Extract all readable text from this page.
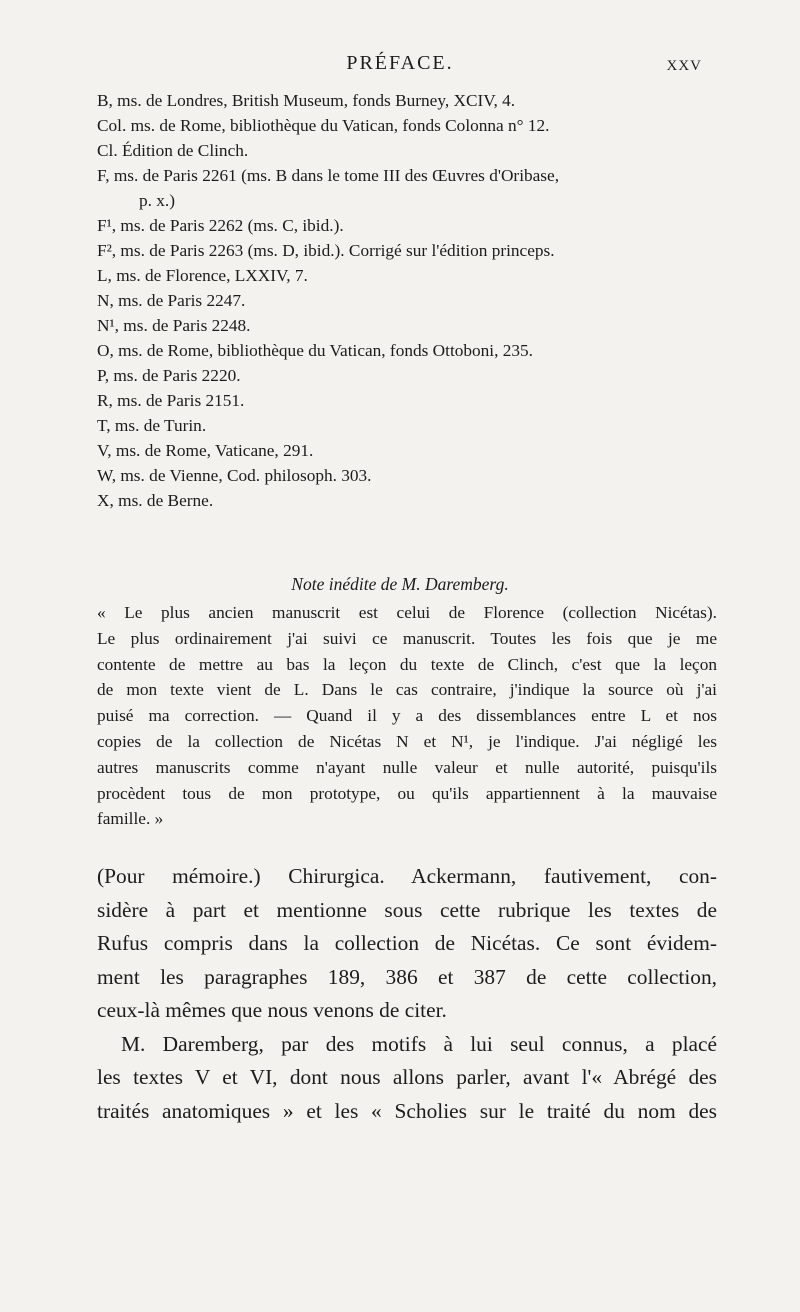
PRÉFACE.	XXV
B, ms. de Londres, British Museum, fonds Burney, XCIV, 4.
Col. ms. de Rome, bibliothèque du Vatican, fonds Colonna n° 12.
Cl. Édition de Clinch.
F, ms. de Paris 2261 (ms. B dans le tome III des Œuvres d'Oribase,
p. x.)
F¹, ms. de Paris 2262 (ms. C, ibid.).
F², ms. de Paris 2263 (ms. D, ibid.). Corrigé sur l'édition princeps.
L, ms. de Florence, LXXIV, 7.
N, ms. de Paris 2247.
N¹, ms. de Paris 2248.
O, ms. de Rome, bibliothèque du Vatican, fonds Ottoboni, 235.
P, ms. de Paris 2220.
R, ms. de Paris 2151.
T, ms. de Turin.
V, ms. de Rome, Vaticane, 291.
W, ms. de Vienne, Cod. philosoph. 303.
X, ms. de Berne.
Note inédite de M. Daremberg.
« Le plus ancien manuscrit est celui de Florence (collection Nicétas).
Le plus ordinairement j'ai suivi ce manuscrit. Toutes les fois que je me
contente de mettre au bas la leçon du texte de Clinch, c'est que la leçon
de mon texte vient de L. Dans le cas contraire, j'indique la source où j'ai
puisé ma correction. — Quand il y a des dissemblances entre L et nos
copies de la collection de Nicétas N et N¹, je l'indique. J'ai négligé les
autres manuscrits comme n'ayant nulle valeur et nulle autorité, puisqu'ils
procèdent tous de mon prototype, ou qu'ils appartiennent à la mauvaise
famille. »
(Pour mémoire.) Chirurgica. Ackermann, fautivement, con-
sidère à part et mentionne sous cette rubrique les textes de
Rufus compris dans la collection de Nicétas. Ce sont évidem-
ment les paragraphes 189, 386 et 387 de cette collection,
ceux-là mêmes que nous venons de citer.
M. Daremberg, par des motifs à lui seul connus, a placé
les textes V et VI, dont nous allons parler, avant l'« Abrégé des
traités anatomiques » et les « Scholies sur le traité du nom des
